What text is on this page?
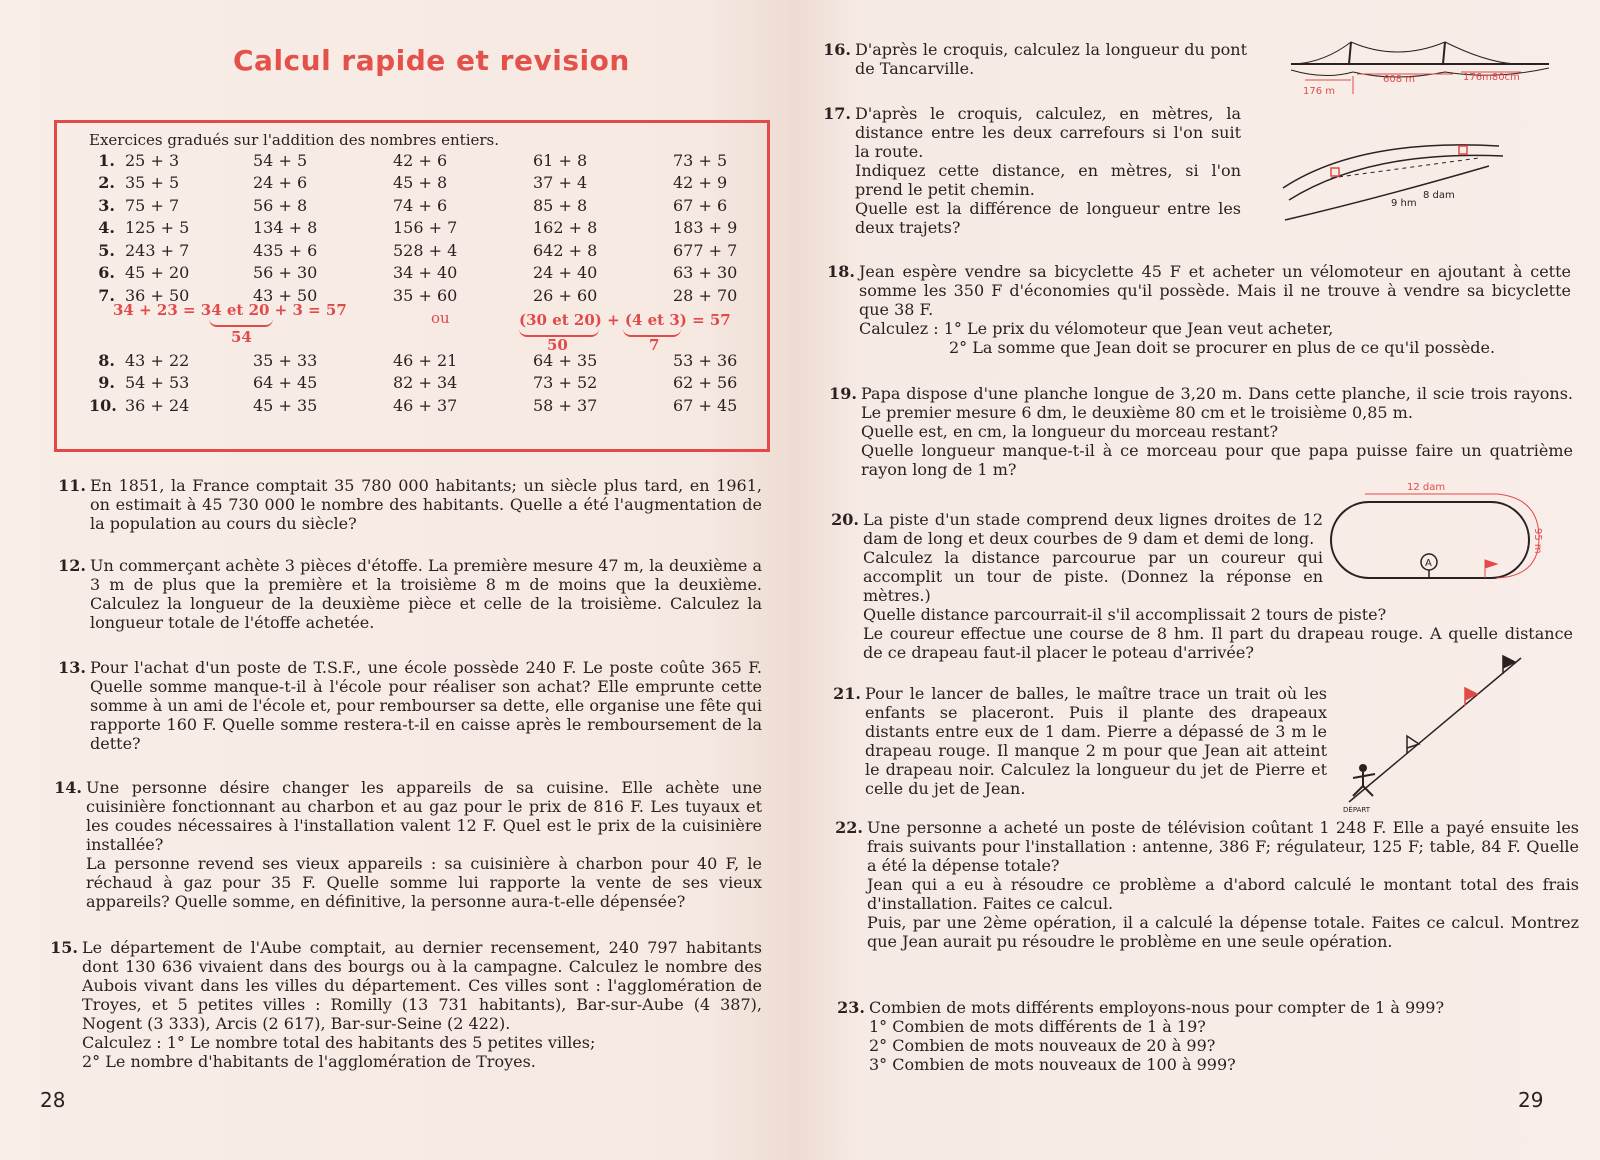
Calcul rapide et revision
Exercices gradués sur l'addition des nombres entiers.
1. 25 + 3	54 + 5	42 + 6	61 + 8	73 + 5
2. 35 + 5	24 + 6	45 + 8	37 + 4	42 + 9
3. 75 + 7	56 + 8	74 + 6	85 + 8	67 + 6
4. 125 + 5	134 + 8	156 + 7	162 + 8	183 + 9
5. 243 + 7	435 + 6	528 + 4	642 + 8	677 + 7
6. 45 + 20	56 + 30	34 + 40	24 + 40	63 + 30
7. 36 + 50	43 + 50	35 + 60	26 + 60	28 + 70
34 + 23 = 34 et 20 + 3 = 57
54
ou	(30 et 20) + (4 et 3) = 57
50	7
8. 43 + 22	35 + 33	46 + 21	64 + 35	53 + 36
9. 54 + 53	64 + 45	82 + 34	73 + 52	62 + 56
10. 36 + 24	45 + 35	46 + 37	58 + 37	67 + 45
11. En 1851, la France comptait 35 780 000 habitants; un siècle plus tard, en 1961, on estimait à 45 730 000 le nombre des habitants. Quelle a été l'augmentation de la population au cours du siècle?

12. Un commerçant achète 3 pièces d'étoffe. La première mesure 47 m, la deuxième a 3 m de plus que la première et la troisième 8 m de moins que la deuxième. Calculez la longueur de la deuxième pièce et celle de la troisième. Calculez la longueur totale de l'étoffe achetée.

13. Pour l'achat d'un poste de T.S.F., une école possède 240 F. Le poste coûte 365 F. Quelle somme manque-t-il à l'école pour réaliser son achat? Elle emprunte cette somme à un ami de l'école et, pour rembourser sa dette, elle organise une fête qui rapporte 160 F. Quelle somme restera-t-il en caisse après le remboursement de la dette?

14. Une personne désire changer les appareils de sa cuisine. Elle achète une cuisinière fonctionnant au charbon et au gaz pour le prix de 816 F. Les tuyaux et les coudes nécessaires à l'installation valent 12 F. Quel est le prix de la cuisinière installée?

La personne revend ses vieux appareils : sa cuisinière à charbon pour 40 F, le réchaud à gaz pour 35 F. Quelle somme lui rapporte la vente de ses vieux appareils? Quelle somme, en définitive, la personne aura-t-elle dépensée?

15. Le département de l'Aube comptait, au dernier recensement, 240 797 habitants dont 130 636 vivaient dans des bourgs ou à la campagne. Calculez le nombre des Aubois vivant dans les villes du département. Ces villes sont : l'agglomération de Troyes, et 5 petites villes : Romilly (13 731 habitants), Bar-sur-Aube (4 387), Nogent (3 333), Arcis (2 617), Bar-sur-Seine (2 422).

Calculez : 1° Le nombre total des habitants des 5 petites villes;

2° Le nombre d'habitants de l'agglomération de Troyes.

28
16. D'après le croquis, calculez la longueur du pont de Tancarville.

176 m
608 m	176m80cm
17. D'après le croquis, calculez, en mètres, la distance entre les deux carrefours si l'on suit la route.

Indiquez cette distance, en mètres, si l'on prend le petit chemin.

Quelle est la différence de longueur entre les deux trajets?

9 hm
8 dam
18. Jean espère vendre sa bicyclette 45 F et acheter un vélomoteur en ajoutant à cette somme les 350 F d'économies qu'il possède. Mais il ne trouve à vendre sa bicyclette que 38 F.

Calculez : 1° Le prix du vélomoteur que Jean veut acheter,

2° La somme que Jean doit se procurer en plus de ce qu'il possède.

19. Papa dispose d'une planche longue de 3,20 m. Dans cette planche, il scie trois rayons. Le premier mesure 6 dm, le deuxième 80 cm et le troisième 0,85 m.

Quelle est, en cm, la longueur du morceau restant?

Quelle longueur manque-t-il à ce morceau pour que papa puisse faire un quatrième rayon long de 1 m?

20. La piste d'un stade comprend deux lignes droites de 12 dam de long et deux courbes de 9 dam et demi de long.

Calculez la distance parcourue par un coureur qui accomplit un tour de piste. (Donnez la réponse en mètres.)

Quelle distance parcourrait-il s'il accomplissait 2 tours de piste?

Le coureur effectue une course de 8 hm. Il part du drapeau rouge. A quelle distance de ce drapeau faut-il placer le poteau d'arrivée?

12 dam
95 m
A
21. Pour le lancer de balles, le maître trace un trait où les enfants se placeront. Puis il plante des drapeaux distants entre eux de 1 dam. Pierre a dépassé de 3 m le drapeau rouge. Il manque 2 m pour que Jean ait atteint le drapeau noir. Calculez la longueur du jet de Pierre et celle du jet de Jean.

DÉPART
22. Une personne a acheté un poste de télévision coûtant 1 248 F. Elle a payé ensuite les frais suivants pour l'installation : antenne, 386 F; régulateur, 125 F; table, 84 F. Quelle a été la dépense totale?

Jean qui a eu à résoudre ce problème a d'abord calculé le montant total des frais d'installation. Faites ce calcul.

Puis, par une 2ème opération, il a calculé la dépense totale. Faites ce calcul. Montrez que Jean aurait pu résoudre le problème en une seule opération.

23. Combien de mots différents employons-nous pour compter de 1 à 999?

1° Combien de mots différents de 1 à 19?

2° Combien de mots nouveaux de 20 à 99?

3° Combien de mots nouveaux de 100 à 999?

29
